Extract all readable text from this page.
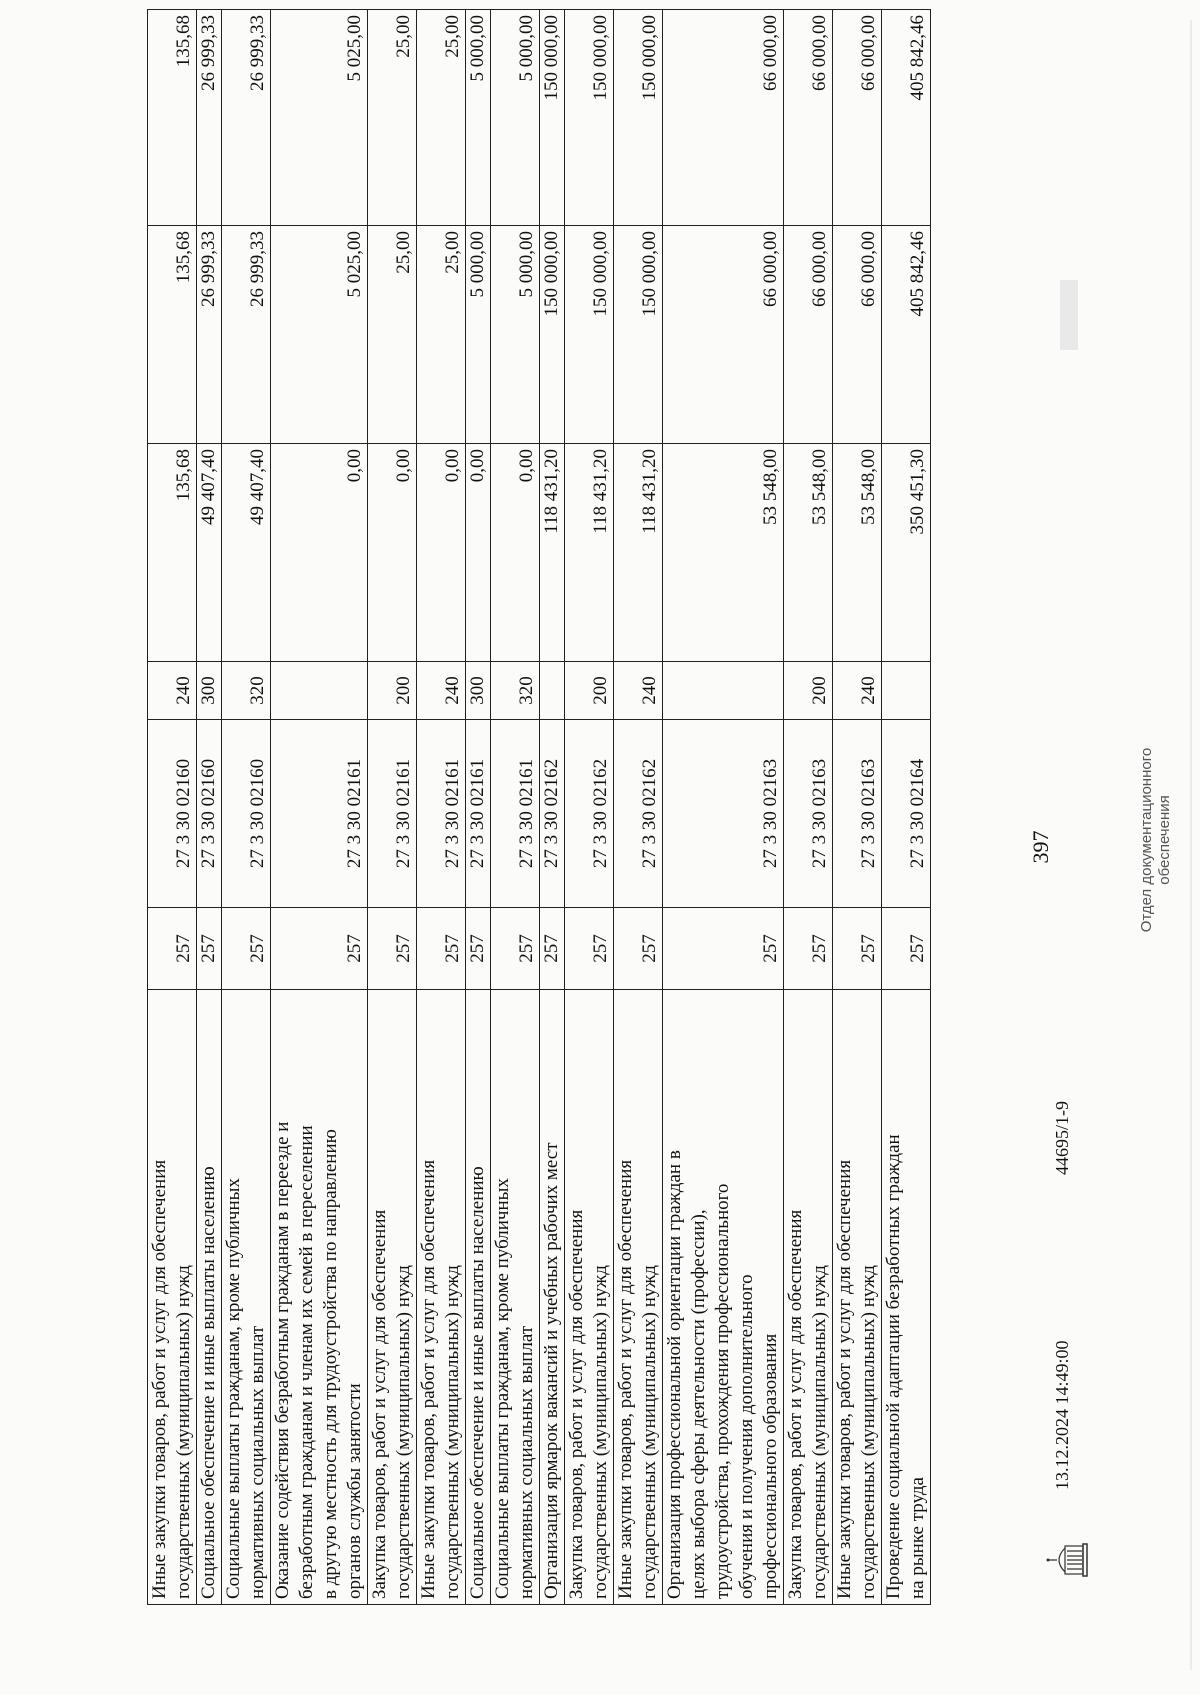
397
Иные закупки товаров, работ и услуг для обеспечения государственных (муниципальных) нужд	257	27 3 30 02160	240	135,68	135,68	135,68

Социальное обеспечение и иные выплаты населению	257	27 3 30 02160	300	49 407,40	26 999,33	26 999,33

Социальные выплаты гражданам, кроме публичных нормативных социальных выплат	257	27 3 30 02160	320	49 407,40	26 999,33	26 999,33

Оказание содействия безработным гражданам в переезде и безработным гражданам и членам их семей в переселении в другую местность для трудоустройства по направлению органов службы занятости	257	27 3 30 02161		0,00	5 025,00	5 025,00

Закупка товаров, работ и услуг для обеспечения государственных (муниципальных) нужд	257	27 3 30 02161	200	0,00	25,00	25,00

Иные закупки товаров, работ и услуг для обеспечения государственных (муниципальных) нужд	257	27 3 30 02161	240	0,00	25,00	25,00

Социальное обеспечение и иные выплаты населению	257	27 3 30 02161	300	0,00	5 000,00	5 000,00

Социальные выплаты гражданам, кроме публичных нормативных социальных выплат	257	27 3 30 02161	320	0,00	5 000,00	5 000,00

Организация ярмарок вакансий и учебных рабочих мест	257	27 3 30 02162		118 431,20	150 000,00	150 000,00

Закупка товаров, работ и услуг для обеспечения государственных (муниципальных) нужд	257	27 3 30 02162	200	118 431,20	150 000,00	150 000,00

Иные закупки товаров, работ и услуг для обеспечения государственных (муниципальных) нужд	257	27 3 30 02162	240	118 431,20	150 000,00	150 000,00

Организация профессиональной ориентации граждан в целях выбора сферы деятельности (профессии), трудоустройства, прохождения профессионального обучения и получения дополнительного профессионального образования	257	27 3 30 02163		53 548,00	66 000,00	66 000,00

Закупка товаров, работ и услуг для обеспечения государственных (муниципальных) нужд	257	27 3 30 02163	200	53 548,00	66 000,00	66 000,00

Иные закупки товаров, работ и услуг для обеспечения государственных (муниципальных) нужд	257	27 3 30 02163	240	53 548,00	66 000,00	66 000,00

Проведение социальной адаптации безработных граждан на рынке труда	257	27 3 30 02164		350 451,30	405 842,46	405 842,46
13.12.2024 14:49:00
44695/1-9
Отдел документационного обеспечения
